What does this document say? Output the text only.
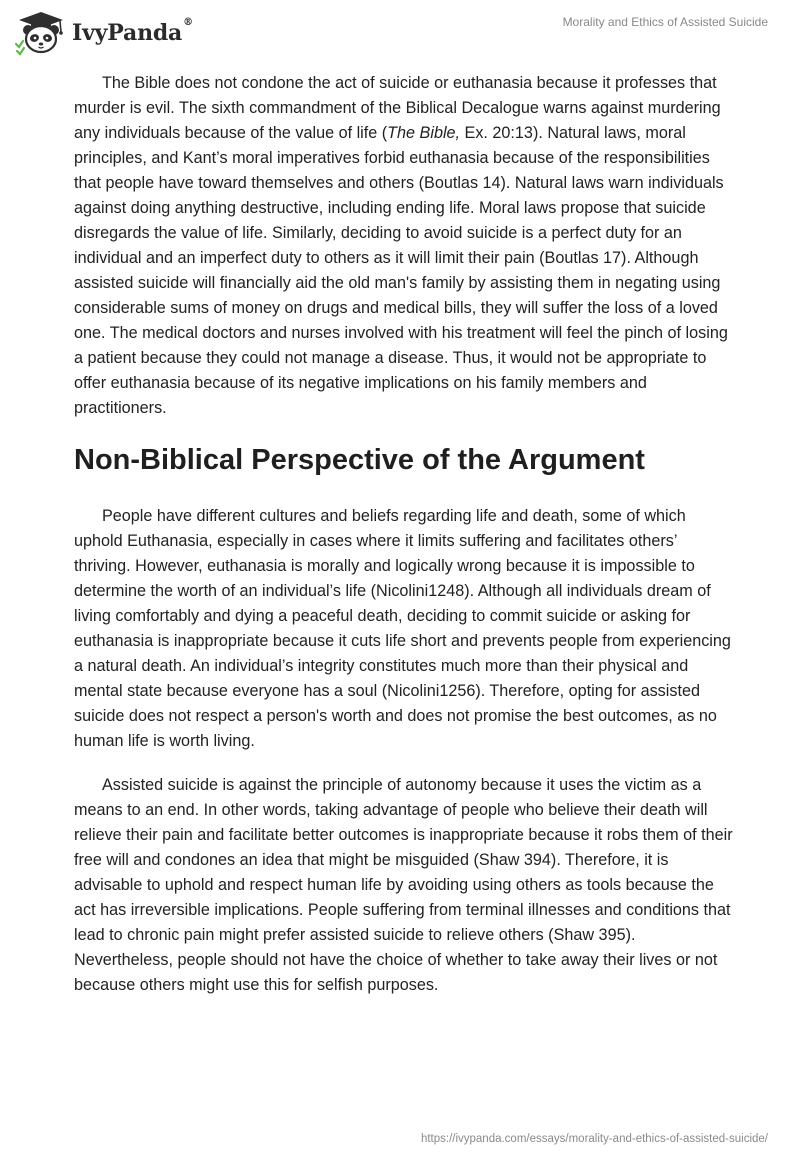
IvyPanda®	Morality and Ethics of Assisted Suicide

The Bible does not condone the act of suicide or euthanasia because it professes that murder is evil. The sixth commandment of the Biblical Decalogue warns against murdering any individuals because of the value of life (The Bible, Ex. 20:13). Natural laws, moral principles, and Kant’s moral imperatives forbid euthanasia because of the responsibilities that people have toward themselves and others (Boutlas 14). Natural laws warn individuals against doing anything destructive, including ending life. Moral laws propose that suicide disregards the value of life. Similarly, deciding to avoid suicide is a perfect duty for an individual and an imperfect duty to others as it will limit their pain (Boutlas 17). Although assisted suicide will financially aid the old man's family by assisting them in negating using considerable sums of money on drugs and medical bills, they will suffer the loss of a loved one. The medical doctors and nurses involved with his treatment will feel the pinch of losing a patient because they could not manage a disease. Thus, it would not be appropriate to offer euthanasia because of its negative implications on his family members and practitioners.

Non-Biblical Perspective of the Argument

People have different cultures and beliefs regarding life and death, some of which uphold Euthanasia, especially in cases where it limits suffering and facilitates others’ thriving. However, euthanasia is morally and logically wrong because it is impossible to determine the worth of an individual’s life (Nicolini1248). Although all individuals dream of living comfortably and dying a peaceful death, deciding to commit suicide or asking for euthanasia is inappropriate because it cuts life short and prevents people from experiencing a natural death. An individual’s integrity constitutes much more than their physical and mental state because everyone has a soul (Nicolini1256). Therefore, opting for assisted suicide does not respect a person's worth and does not promise the best outcomes, as no human life is worth living.

Assisted suicide is against the principle of autonomy because it uses the victim as a means to an end. In other words, taking advantage of people who believe their death will relieve their pain and facilitate better outcomes is inappropriate because it robs them of their free will and condones an idea that might be misguided (Shaw 394). Therefore, it is advisable to uphold and respect human life by avoiding using others as tools because the act has irreversible implications. People suffering from terminal illnesses and conditions that lead to chronic pain might prefer assisted suicide to relieve others (Shaw 395). Nevertheless, people should not have the choice of whether to take away their lives or not because others might use this for selfish purposes.

https://ivypanda.com/essays/morality-and-ethics-of-assisted-suicide/
